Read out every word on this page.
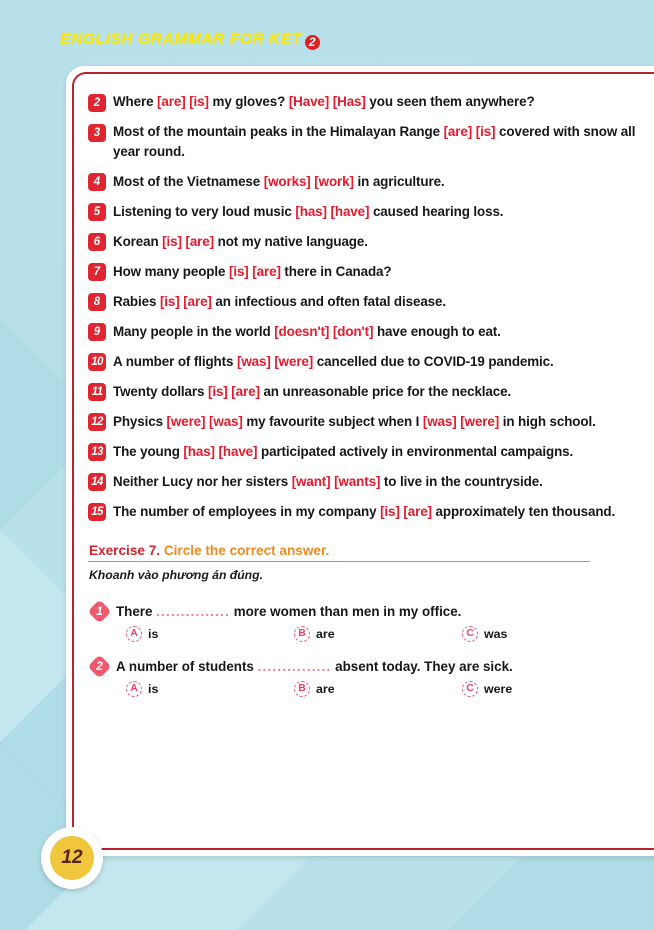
ENGLISH GRAMMAR FOR KET 2
2 Where [are] [is] my gloves? [Have] [Has] you seen them anywhere?
3 Most of the mountain peaks in the Himalayan Range [are] [is] covered with snow all year round.
4 Most of the Vietnamese [works] [work] in agriculture.
5 Listening to very loud music [has] [have] caused hearing loss.
6 Korean [is] [are] not my native language.
7 How many people [is] [are] there in Canada?
8 Rabies [is] [are] an infectious and often fatal disease.
9 Many people in the world [doesn't] [don't] have enough to eat.
10 A number of flights [was] [were] cancelled due to COVID-19 pandemic.
11 Twenty dollars [is] [are] an unreasonable price for the necklace.
12 Physics [were] [was] my favourite subject when I [was] [were] in high school.
13 The young [has] [have] participated actively in environmental campaigns.
14 Neither Lucy nor her sisters [want] [wants] to live in the countryside.
15 The number of employees in my company [is] [are] approximately ten thousand.
Exercise 7. Circle the correct answer.
Khoanh vào phương án đúng.
1 There ............... more women than men in my office.
A is	B are	C was
2 A number of students ............... absent today. They are sick.
A is	B are	C were
12
